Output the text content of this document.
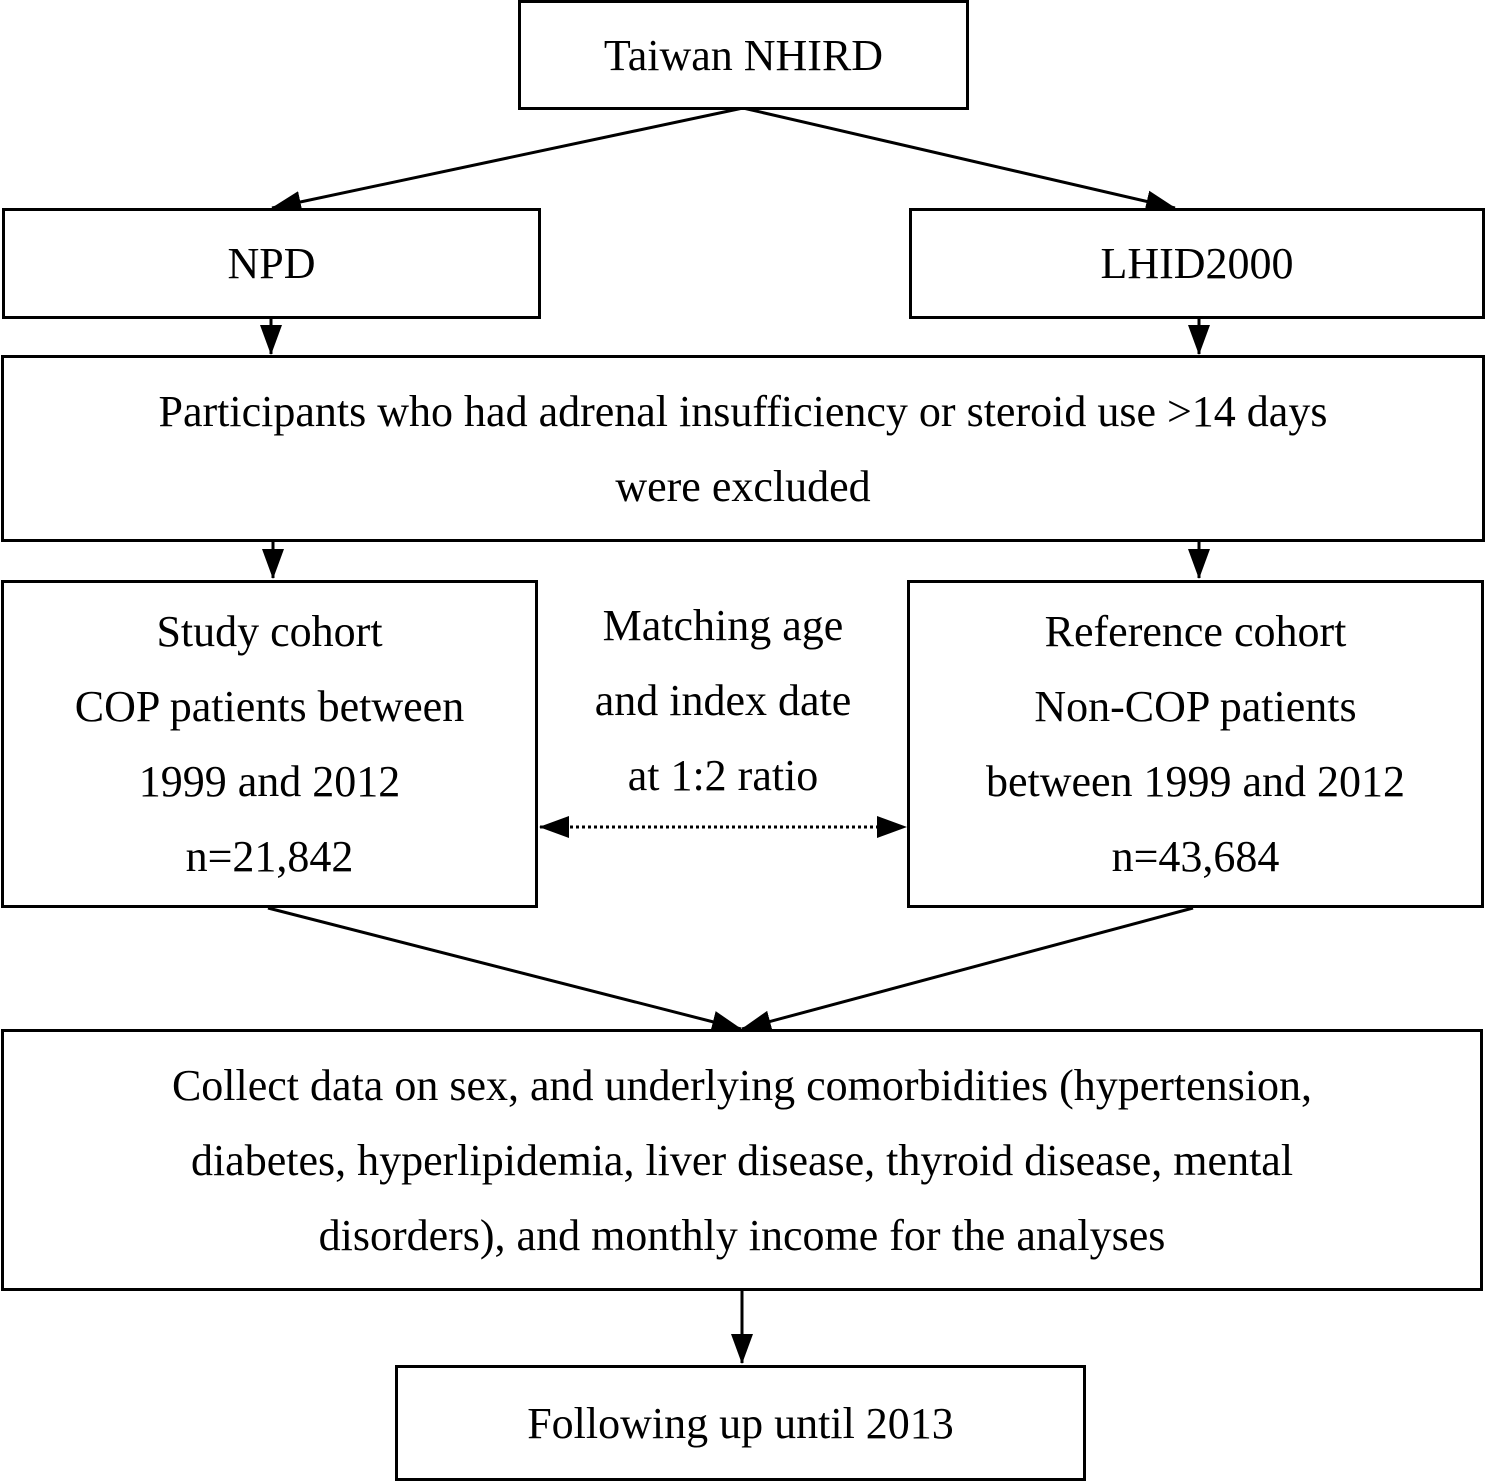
Taiwan NHIRD
NPD	LHID2000
Participants who had adrenal insufficiency or steroid use >14 days
were excluded
Study cohort
COP patients between
1999 and 2012
n=21,842
Matching age
and index date
at 1:2 ratio
Reference cohort
Non-COP patients
between 1999 and 2012
n=43,684
Collect data on sex, and underlying comorbidities (hypertension,
diabetes, hyperlipidemia, liver disease, thyroid disease, mental
disorders), and monthly income for the analyses
Following up until 2013
